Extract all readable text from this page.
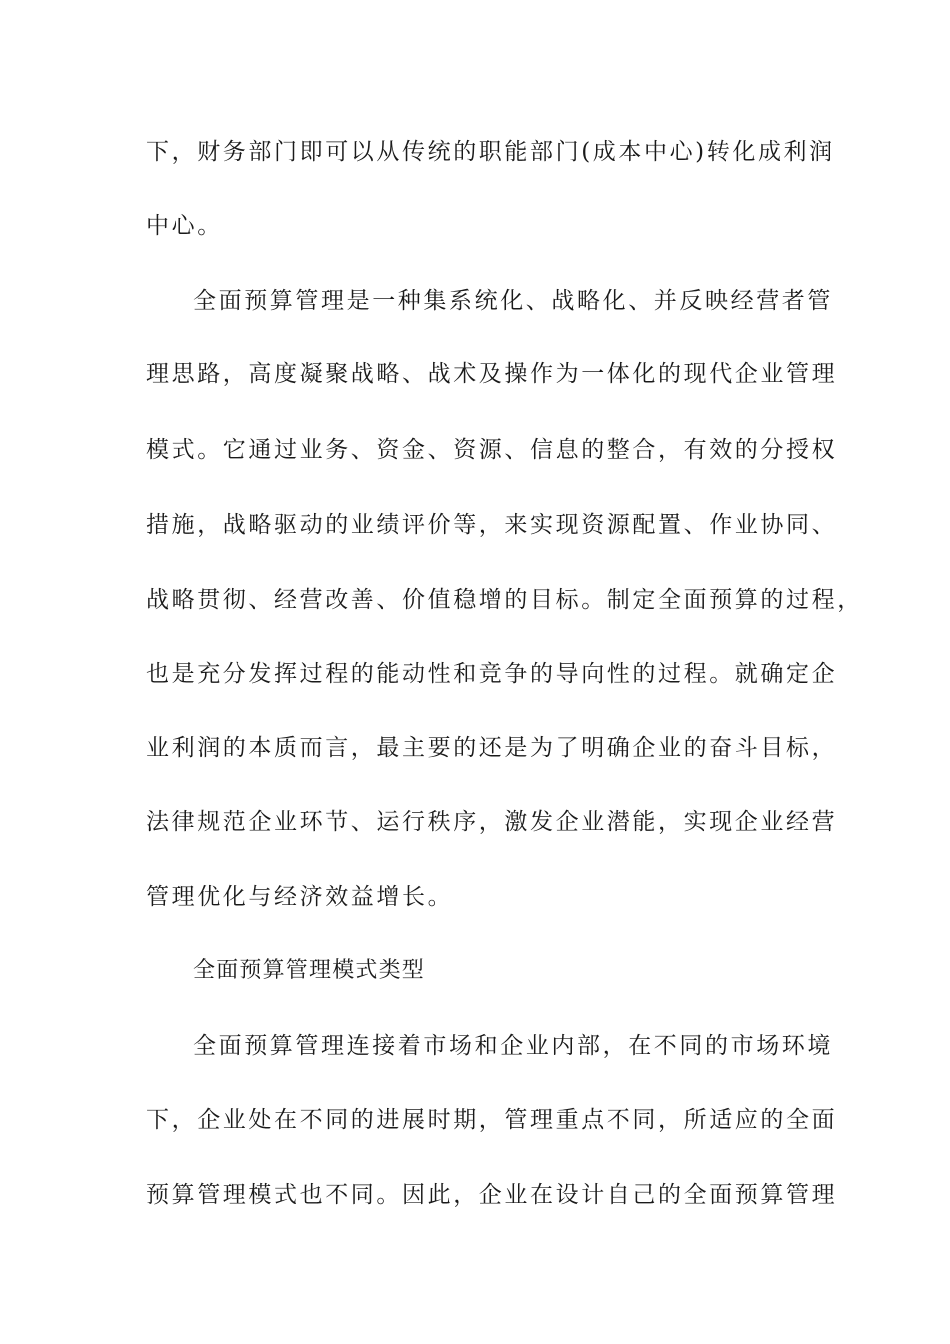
下，财务部门即可以从传统的职能部门(成本中心)转化成利润
中心。
全面预算管理是一种集系统化、战略化、并反映经营者管
理思路，高度凝聚战略、战术及操作为一体化的现代企业管理
模式。它通过业务、资金、资源、信息的整合，有效的分授权
措施，战略驱动的业绩评价等，来实现资源配置、作业协同、
战略贯彻、经营改善、价值稳增的目标。制定全面预算的过程，
也是充分发挥过程的能动性和竞争的导向性的过程。就确定企
业利润的本质而言，最主要的还是为了明确企业的奋斗目标，
法律规范企业环节、运行秩序，激发企业潜能，实现企业经营
管理优化与经济效益增长。
全面预算管理模式类型
全面预算管理连接着市场和企业内部，在不同的市场环境
下，企业处在不同的进展时期，管理重点不同，所适应的全面
预算管理模式也不同。因此，企业在设计自己的全面预算管理
